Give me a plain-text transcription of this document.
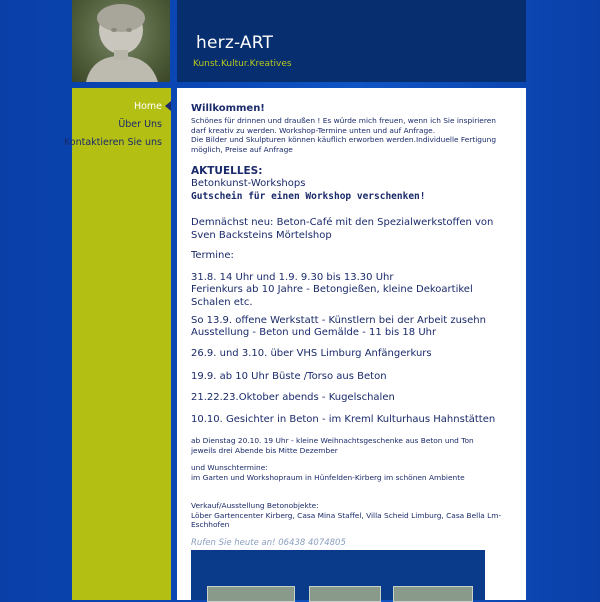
herz-ART
Kunst.Kultur.Kreatives
Home
Über Uns
Kontaktieren Sie uns
Willkommen!
Schönes für drinnen und draußen ! Es würde mich freuen, wenn ich Sie inspirieren
darf kreativ zu werden. Workshop-Termine unten und auf Anfrage.
Die Bilder und Skulpturen können käuflich erworben werden.Individuelle Fertigung
möglich, Preise auf Anfrage
AKTUELLES:
Betonkunst-Workshops
Gutschein für einen Workshop verschenken!
Demnächst neu: Beton-Café mit den Spezialwerkstoffen von
Sven Backsteins Mörtelshop
Termine:
31.8. 14 Uhr und 1.9. 9.30 bis 13.30 Uhr
Ferienkurs ab 10 Jahre - Betongießen, kleine Dekoartikel
Schalen etc.
So 13.9. offene Werkstatt - Künstlern bei der Arbeit zusehn
Ausstellung - Beton und Gemälde - 11 bis 18 Uhr
26.9. und 3.10. über VHS Limburg Anfängerkurs
19.9. ab 10 Uhr Büste /Torso aus Beton
21.22.23.Oktober abends - Kugelschalen
10.10. Gesichter in Beton - im Kreml Kulturhaus Hahnstätten
ab Dienstag 20.10. 19 Uhr - kleine Weihnachtsgeschenke aus Beton und Ton
jeweils drei Abende bis Mitte Dezember
und Wunschtermine:
im Garten und Workshopraum in Hünfelden-Kirberg im schönen Ambiente
Verkauf/Ausstellung Betonobjekte:
Löber Gartencenter Kirberg, Casa Mina Staffel, Villa Scheid Limburg, Casa Bella Lm-
Eschhofen
Rufen Sie heute an! 06438 4074805
